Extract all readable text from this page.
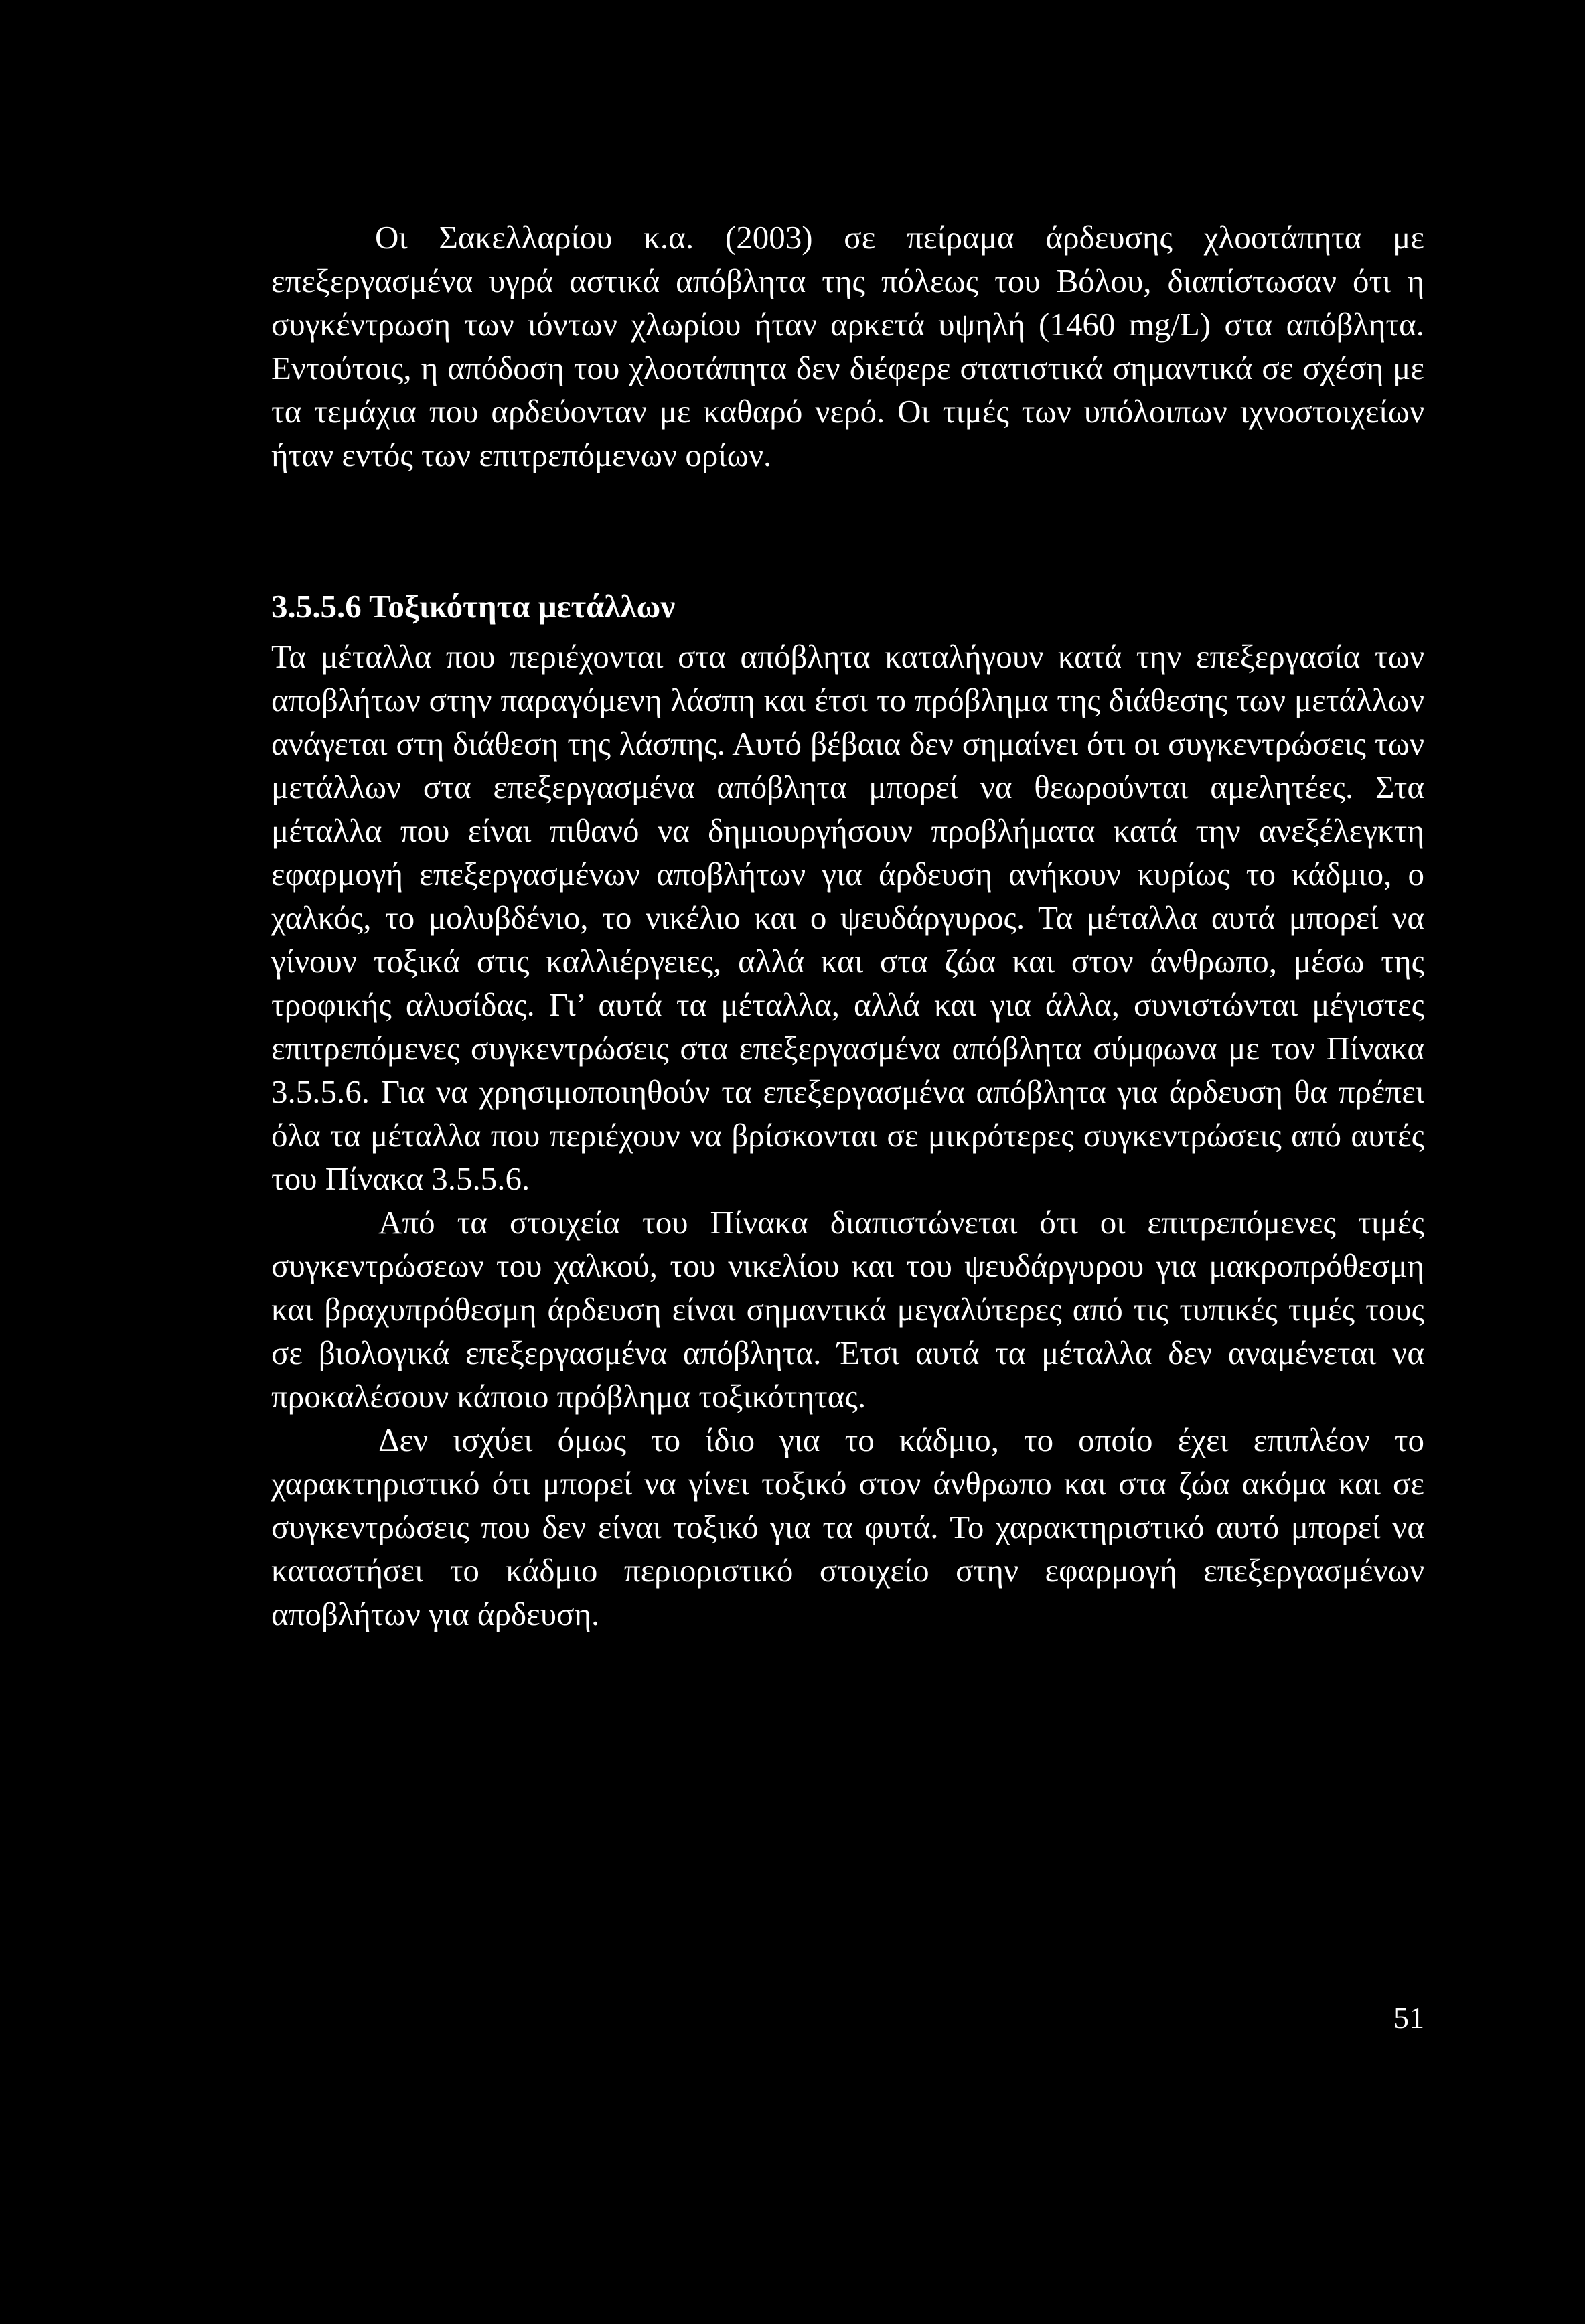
Οι Σακελλαρίου κ.α. (2003) σε πείραμα άρδευσης χλοοτάπητα με επεξεργασμένα υγρά αστικά απόβλητα της πόλεως του Βόλου, διαπίστωσαν ότι η συγκέντρωση των ιόντων χλωρίου ήταν αρκετά υψηλή (1460 mg/L) στα απόβλητα. Εντούτοις, η απόδοση του χλοοτάπητα δεν διέφερε στατιστικά σημαντικά σε σχέση με τα τεμάχια που αρδεύονταν με καθαρό νερό. Οι τιμές των υπόλοιπων ιχνοστοιχείων ήταν εντός των επιτρεπόμενων ορίων.

3.5.5.6 Τοξικότητα μετάλλων

Τα μέταλλα που περιέχονται στα απόβλητα καταλήγουν κατά την επεξεργασία των αποβλήτων στην παραγόμενη λάσπη και έτσι το πρόβλημα της διάθεσης των μετάλλων ανάγεται στη διάθεση της λάσπης. Αυτό βέβαια δεν σημαίνει ότι οι συγκεντρώσεις των μετάλλων στα επεξεργασμένα απόβλητα μπορεί να θεωρούνται αμελητέες. Στα μέταλλα που είναι πιθανό να δημιουργήσουν προβλήματα κατά την ανεξέλεγκτη εφαρμογή επεξεργασμένων αποβλήτων για άρδευση ανήκουν κυρίως το κάδμιο, ο χαλκός, το μολυβδένιο, το νικέλιο και ο ψευδάργυρος. Τα μέταλλα αυτά μπορεί να γίνουν τοξικά στις καλλιέργειες, αλλά και στα ζώα και στον άνθρωπο, μέσω της τροφικής αλυσίδας. Γι’ αυτά τα μέταλλα, αλλά και για άλλα, συνιστώνται μέγιστες επιτρεπόμενες συγκεντρώσεις στα επεξεργασμένα απόβλητα σύμφωνα με τον Πίνακα 3.5.5.6. Για να χρησιμοποιηθούν τα επεξεργασμένα απόβλητα για άρδευση θα πρέπει όλα τα μέταλλα που περιέχουν να βρίσκονται σε μικρότερες συγκεντρώσεις από αυτές του Πίνακα 3.5.5.6.

Από τα στοιχεία του Πίνακα διαπιστώνεται ότι οι επιτρεπόμενες τιμές συγκεντρώσεων του χαλκού, του νικελίου και του ψευδάργυρου για μακροπρόθεσμη και βραχυπρόθεσμη άρδευση είναι σημαντικά μεγαλύτερες από τις τυπικές τιμές τους σε βιολογικά επεξεργασμένα απόβλητα. Έτσι αυτά τα μέταλλα δεν αναμένεται να προκαλέσουν κάποιο πρόβλημα τοξικότητας.

Δεν ισχύει όμως το ίδιο για το κάδμιο, το οποίο έχει επιπλέον το χαρακτηριστικό ότι μπορεί να γίνει τοξικό στον άνθρωπο και στα ζώα ακόμα και σε συγκεντρώσεις που δεν είναι τοξικό για τα φυτά. Το χαρακτηριστικό αυτό μπορεί να καταστήσει το κάδμιο περιοριστικό στοιχείο στην εφαρμογή επεξεργασμένων αποβλήτων για άρδευση.

51
